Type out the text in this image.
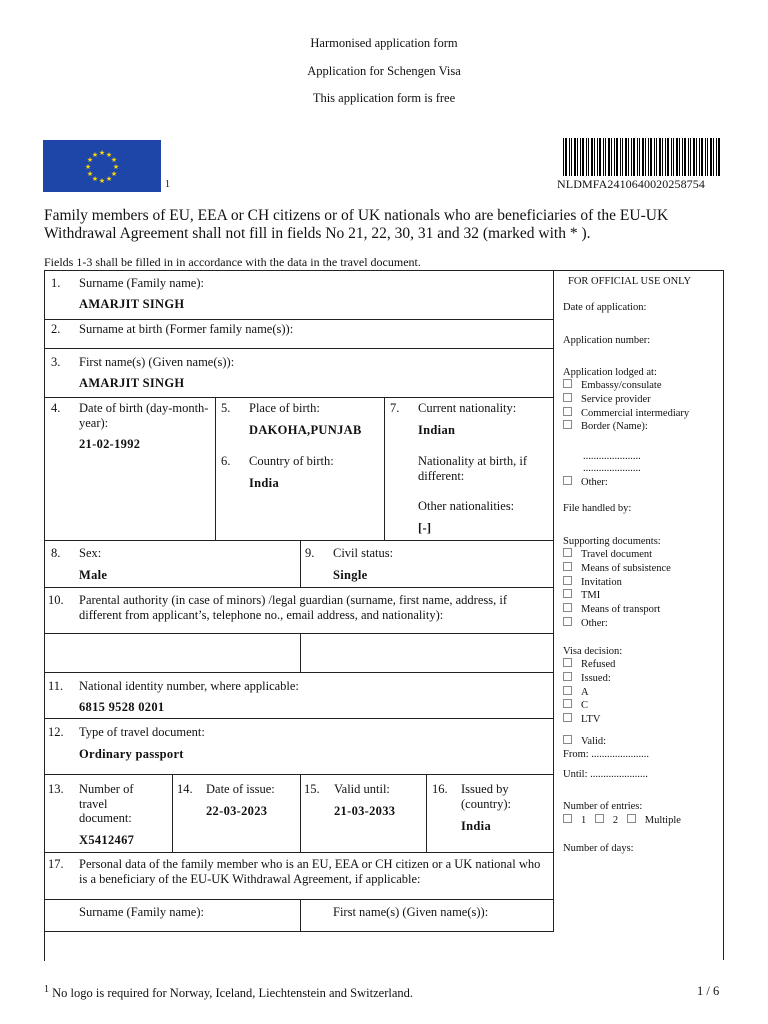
Harmonised application form
Application for Schengen Visa
This application form is free
★ ★
★
★
★
★
★
★
★
★
★
★
1	NLDMFA2410640020258754
Family members of EU, EEA or CH citizens or of UK nationals who are beneficiaries of the EU-UK Withdrawal Agreement shall not fill in fields No 21, 22, 30, 31 and 32 (marked with * ).
Fields 1-3 shall be filled in in accordance with the data in the travel document.
1. Surname (Family name):
AMARJIT SINGH
2. Surname at birth (Former family name(s)):
3. First name(s) (Given name(s)):
AMARJIT SINGH
4. Date of birth (day-month-year):
21-02-1992
5. Place of birth:
DAKOHA,PUNJAB
6. Country of birth:
India
7. Current nationality:
Indian
Nationality at birth, if different:
Other nationalities:
[-]
8. Sex:
Male
9. Civil status:
Single
10. Parental authority (in case of minors) /legal guardian (surname, first name, address, if different from applicant’s, telephone no., email address, and nationality):
11. National identity number, where applicable:
6815 9528 0201
12. Type of travel document:
Ordinary passport
13. Number of travel document:
X5412467
14. Date of issue:
22-03-2023
15. Valid until:
21-03-2033
16. Issued by (country):
India
17. Personal data of the family member who is an EU, EEA or CH citizen or a UK national who is a beneficiary of the EU-UK Withdrawal Agreement, if applicable:
Surname (Family name):	First name(s) (Given name(s)):
FOR OFFICIAL USE ONLY
Date of application:
Application number:
Application lodged at:
Embassy/consulate
Service provider
Commercial intermediary
Border (Name):
......................
......................
Other:
File handled by:
Supporting documents:
Travel document
Means of subsistence
Invitation
TMI
Means of transport
Other:
Visa decision:
Refused
Issued:
A
C
LTV
Valid:
From: ......................
Until: ......................
Number of entries:
1	2	Multiple
Number of days:
$^1$ No logo is required for Norway, Iceland, Liechtenstein and Switzerland.	1 / 6
